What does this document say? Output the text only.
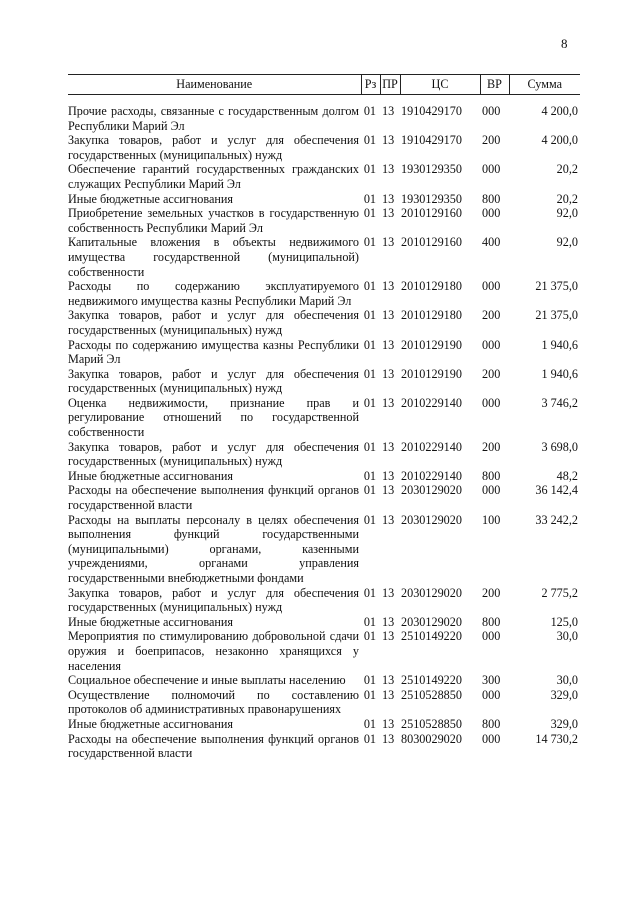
8
Наименование	Рз	ПР	ЦС	ВР	Сумма

Прочие расходы, связанные с государственным долгом Республики Марий Эл	01	13	1910429170	000	4 200,0
Закупка товаров, работ и услуг для обеспечения государственных (муниципальных) нужд	01	13	1910429170	200	4 200,0
Обеспечение гарантий государственных гражданских служащих Республики Марий Эл	01	13	1930129350	000	20,2
Иные бюджетные ассигнования	01	13	1930129350	800	20,2
Приобретение земельных участков в государственную собственность Республики Марий Эл	01	13	2010129160	000	92,0
Капитальные вложения в объекты недвижимого имущества государственной (муниципальной) собственности	01	13	2010129160	400	92,0
Расходы по содержанию эксплуатируемого недвижимого имущества казны Республики Марий Эл	01	13	2010129180	000	21 375,0
Закупка товаров, работ и услуг для обеспечения государственных (муниципальных) нужд	01	13	2010129180	200	21 375,0
Расходы по содержанию имущества казны Республики Марий Эл	01	13	2010129190	000	1 940,6
Закупка товаров, работ и услуг для обеспечения государственных (муниципальных) нужд	01	13	2010129190	200	1 940,6
Оценка недвижимости, признание прав и регулирование отношений по государственной собственности	01	13	2010229140	000	3 746,2
Закупка товаров, работ и услуг для обеспечения государственных (муниципальных) нужд	01	13	2010229140	200	3 698,0
Иные бюджетные ассигнования	01	13	2010229140	800	48,2
Расходы на обеспечение выполнения функций органов государственной власти	01	13	2030129020	000	36 142,4
Расходы на выплаты персоналу в целях обеспечения выполнения функций государственными (муниципальными) органами, казенными учреждениями, органами управления государственными внебюджетными фондами	01	13	2030129020	100	33 242,2
Закупка товаров, работ и услуг для обеспечения государственных (муниципальных) нужд	01	13	2030129020	200	2 775,2
Иные бюджетные ассигнования	01	13	2030129020	800	125,0
Мероприятия по стимулированию добровольной сдачи оружия и боеприпасов, незаконно хранящихся у населения	01	13	2510149220	000	30,0
Социальное обеспечение и иные выплаты населению	01	13	2510149220	300	30,0
Осуществление полномочий по составлению протоколов об административных правонарушениях	01	13	2510528850	000	329,0
Иные бюджетные ассигнования	01	13	2510528850	800	329,0
Расходы на обеспечение выполнения функций органов государственной власти	01	13	8030029020	000	14 730,2
